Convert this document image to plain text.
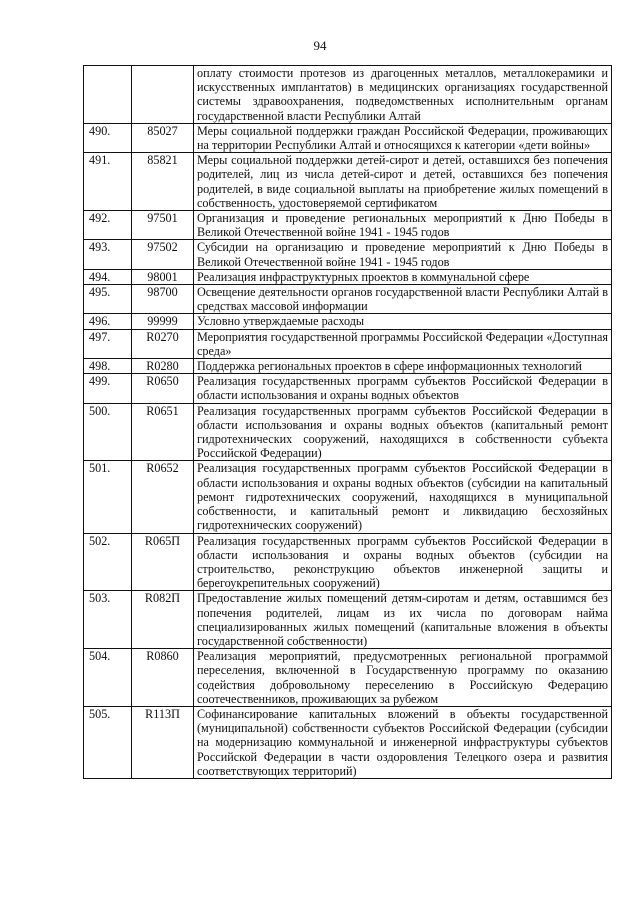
94
		оплату стоимости протезов из драгоценных металлов, металлокерамики и искусственных имплантатов) в медицинских организациях государственной системы здравоохранения, подведомственных исполнительным органам государственной власти Республики Алтай
490.	85027	Меры социальной поддержки граждан Российской Федерации, проживающих на территории Республики Алтай и относящихся к категории «дети войны»
491.	85821	Меры социальной поддержки детей-сирот и детей, оставшихся без попечения родителей, лиц из числа детей-сирот и детей, оставшихся без попечения родителей, в виде социальной выплаты на приобретение жилых помещений в собственность, удостоверяемой сертификатом
492.	97501	Организация и проведение региональных мероприятий к Дню Победы в Великой Отечественной войне 1941 - 1945 годов
493.	97502	Субсидии на организацию и проведение мероприятий к Дню Победы в Великой Отечественной войне 1941 - 1945 годов
494.	98001	Реализация инфраструктурных проектов в коммунальной сфере
495.	98700	Освещение деятельности органов государственной власти Республики Алтай в средствах массовой информации
496.	99999	Условно утверждаемые расходы
497.	R0270	Мероприятия государственной программы Российской Федерации «Доступная среда»
498.	R0280	Поддержка региональных проектов в сфере информационных технологий
499.	R0650	Реализация государственных программ субъектов Российской Федерации в области использования и охраны водных объектов
500.	R0651	Реализация государственных программ субъектов Российской Федерации в области использования и охраны водных объектов (капитальный ремонт гидротехнических сооружений, находящихся в собственности субъекта Российской Федерации)
501.	R0652	Реализация государственных программ субъектов Российской Федерации в области использования и охраны водных объектов (субсидии на капитальный ремонт гидротехнических сооружений, находящихся в муниципальной собственности, и капитальный ремонт и ликвидацию бесхозяйных гидротехнических сооружений)
502.	R065П	Реализация государственных программ субъектов Российской Федерации в области использования и охраны водных объектов (субсидии на строительство, реконструкцию объектов инженерной защиты и берегоукрепительных сооружений)
503.	R082П	Предоставление жилых помещений детям-сиротам и детям, оставшимся без попечения родителей, лицам из их числа по договорам найма специализированных жилых помещений (капитальные вложения в объекты государственной собственности)
504.	R0860	Реализация мероприятий, предусмотренных региональной программой переселения, включенной в Государственную программу по оказанию содействия добровольному переселению в Российскую Федерацию соотечественников, проживающих за рубежом
505.	R113П	Софинансирование капитальных вложений в объекты государственной (муниципальной) собственности субъектов Российской Федерации (субсидии на модернизацию коммунальной и инженерной инфраструктуры субъектов Российской Федерации в части оздоровления Телецкого озера и развития соответствующих территорий)
